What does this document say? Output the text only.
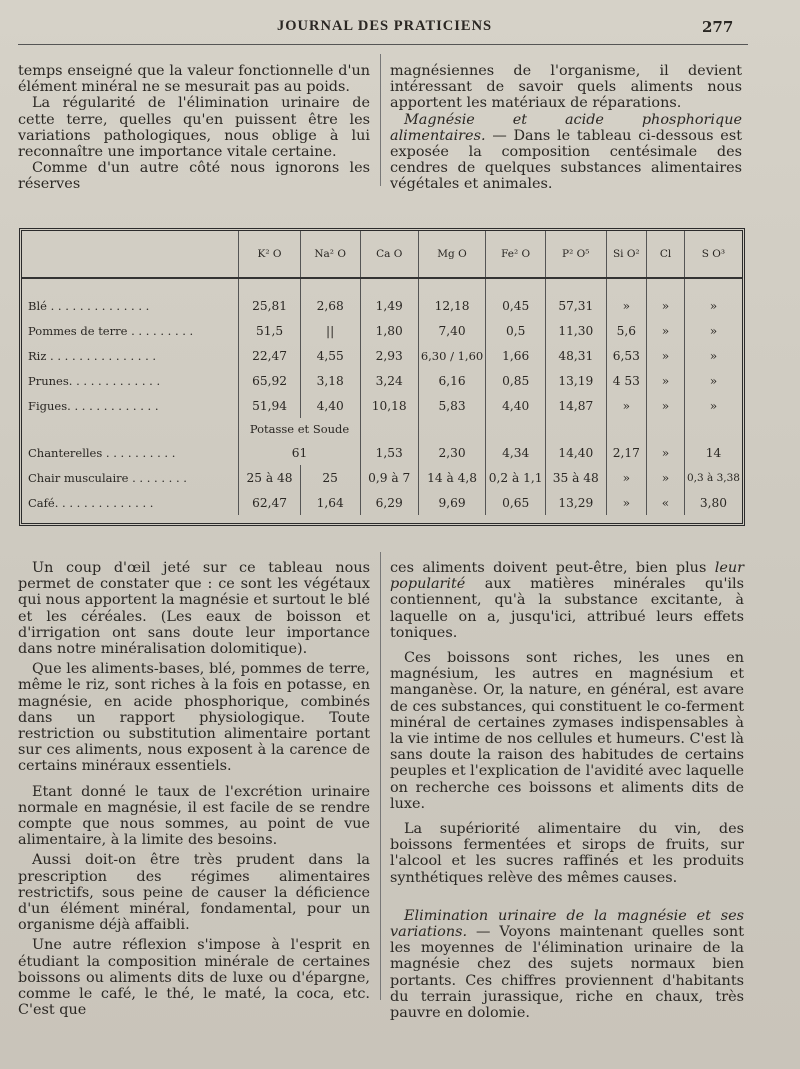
JOURNAL DES PRATICIENS	277

temps enseigné que la valeur fonctionnelle d'un élément minéral ne se mesurait pas au poids.

La régularité de l'élimination urinaire de cette terre, quelles qu'en puissent être les variations pathologiques, nous oblige à lui reconnaître une importance vitale certaine.

Comme d'un autre côté nous ignorons les réserves

magnésiennes de l'organisme, il devient intéressant de savoir quels aliments nous apportent les matériaux de réparations.

Magnésie et acide phosphorique alimentaires. — Dans le tableau ci-dessous est exposée la composition centésimale des cendres de quelques substances alimentaires végétales et animales.

	K² O	Na² O	Ca O	Mg O	Fe² O	P² O⁵	Si O²	Cl	S O³

Blé . . . . . . . . . . . . . .	25,81	2,68	1,49	12,18	0,45	57,31	»	»	»
Pommes de terre . . . . . . . . .	51,5	||	1,80	7,40	0,5	11,30	5,6	»	»
Riz . . . . . . . . . . . . . . .	22,47	4,55	2,93	6,30 / 1,60	1,66	48,31	6,53	»	»
Prunes. . . . . . . . . . . . .	65,92	3,18	3,24	6,16	0,85	13,19	4 53	»	»
Figues. . . . . . . . . . . . .	51,94	4,40	10,18	5,83	4,40	14,87	»	»	»
	Potasse et Soude								
Chanterelles . . . . . . . . . .	61		1,53	2,30	4,34	14,40	2,17	»	14
Chair musculaire . . . . . . . .	25 à 48	25	0,9 à 7	14 à 4,8	0,2 à 1,1	35 à 48	»	»	0,3 à 3,38
Café. . . . . . . . . . . . . .	62,47	1,64	6,29	9,69	0,65	13,29	»	«	3,80

Un coup d'œil jeté sur ce tableau nous permet de constater que : ce sont les végétaux qui nous apportent la magnésie et surtout le blé et les céréales. (Les eaux de boisson et d'irrigation ont sans doute leur importance dans notre minéralisation dolomitique).

Que les aliments-bases, blé, pommes de terre, même le riz, sont riches à la fois en potasse, en magnésie, en acide phosphorique, combinés dans un rapport physiologique. Toute restriction ou substitution alimentaire portant sur ces aliments, nous exposent à la carence de certains minéraux essentiels.

Etant donné le taux de l'excrétion urinaire normale en magnésie, il est facile de se rendre compte que nous sommes, au point de vue alimentaire, à la limite des besoins.

Aussi doit-on être très prudent dans la prescription des régimes alimentaires restrictifs, sous peine de causer la déficience d'un élément minéral, fondamental, pour un organisme déjà affaibli.

Une autre réflexion s'impose à l'esprit en étudiant la composition minérale de certaines boissons ou aliments dits de luxe ou d'épargne, comme le café, le thé, le maté, la coca, etc. C'est que

ces aliments doivent peut-être, bien plus leur popularité aux matières minérales qu'ils contiennent, qu'à la substance excitante, à laquelle on a, jusqu'ici, attribué leurs effets toniques.

Ces boissons sont riches, les unes en magnésium, les autres en magnésium et manganèse. Or, la nature, en général, est avare de ces substances, qui constituent le co-ferment minéral de certaines zymases indispensables à la vie intime de nos cellules et humeurs. C'est là sans doute la raison des habitudes de certains peuples et l'explication de l'avidité avec laquelle on recherche ces boissons et aliments dits de luxe.

La supériorité alimentaire du vin, des boissons fermentées et sirops de fruits, sur l'alcool et les sucres raffinés et les produits synthétiques relève des mêmes causes.

Elimination urinaire de la magnésie et ses variations. — Voyons maintenant quelles sont les moyennes de l'élimination urinaire de la magnésie chez des sujets normaux bien portants. Ces chiffres proviennent d'habitants du terrain jurassique, riche en chaux, très pauvre en dolomie.
